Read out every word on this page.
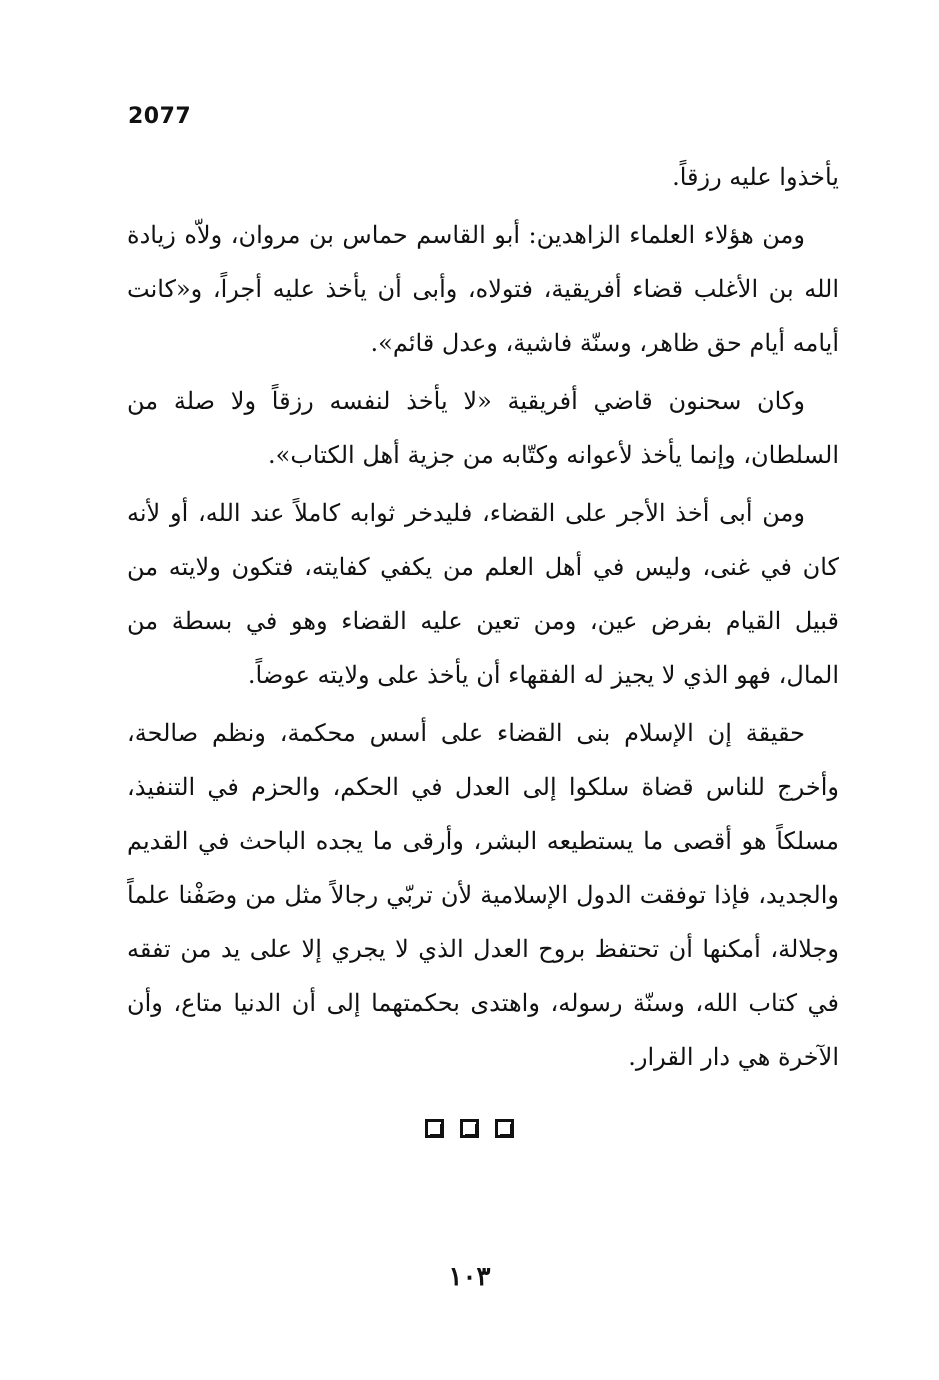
2077

يأخذوا عليه رزقاً.

ومن هؤلاء العلماء الزاهدين: أبو القاسم حماس بن مروان، ولاّه زيادة الله بن الأغلب قضاء أفريقية، فتولاه، وأبى أن يأخذ عليه أجراً، و«كانت أيامه أيام حق ظاهر، وسنّة فاشية، وعدل قائم».

وكان سحنون قاضي أفريقية «لا يأخذ لنفسه رزقاً ولا صلة من السلطان، وإنما يأخذ لأعوانه وكتّابه من جزية أهل الكتاب».

ومن أبى أخذ الأجر على القضاء، فليدخر ثوابه كاملاً عند الله، أو لأنه كان في غنى، وليس في أهل العلم من يكفي كفايته، فتكون ولايته من قبيل القيام بفرض عين، ومن تعين عليه القضاء وهو في بسطة من المال، فهو الذي لا يجيز له الفقهاء أن يأخذ على ولايته عوضاً.

حقيقة إن الإسلام بنى القضاء على أسس محكمة، ونظم صالحة، وأخرج للناس قضاة سلكوا إلى العدل في الحكم، والحزم في التنفيذ، مسلكاً هو أقصى ما يستطيعه البشر، وأرقى ما يجده الباحث في القديم والجديد، فإذا توفقت الدول الإسلامية لأن تربّي رجالاً مثل من وصَفْنا علماً وجلالة، أمكنها أن تحتفظ بروح العدل الذي لا يجري إلا على يد من تفقه في كتاب الله، وسنّة رسوله، واهتدى بحكمتهما إلى أن الدنيا متاع، وأن الآخرة هي دار القرار.

١٠٣
